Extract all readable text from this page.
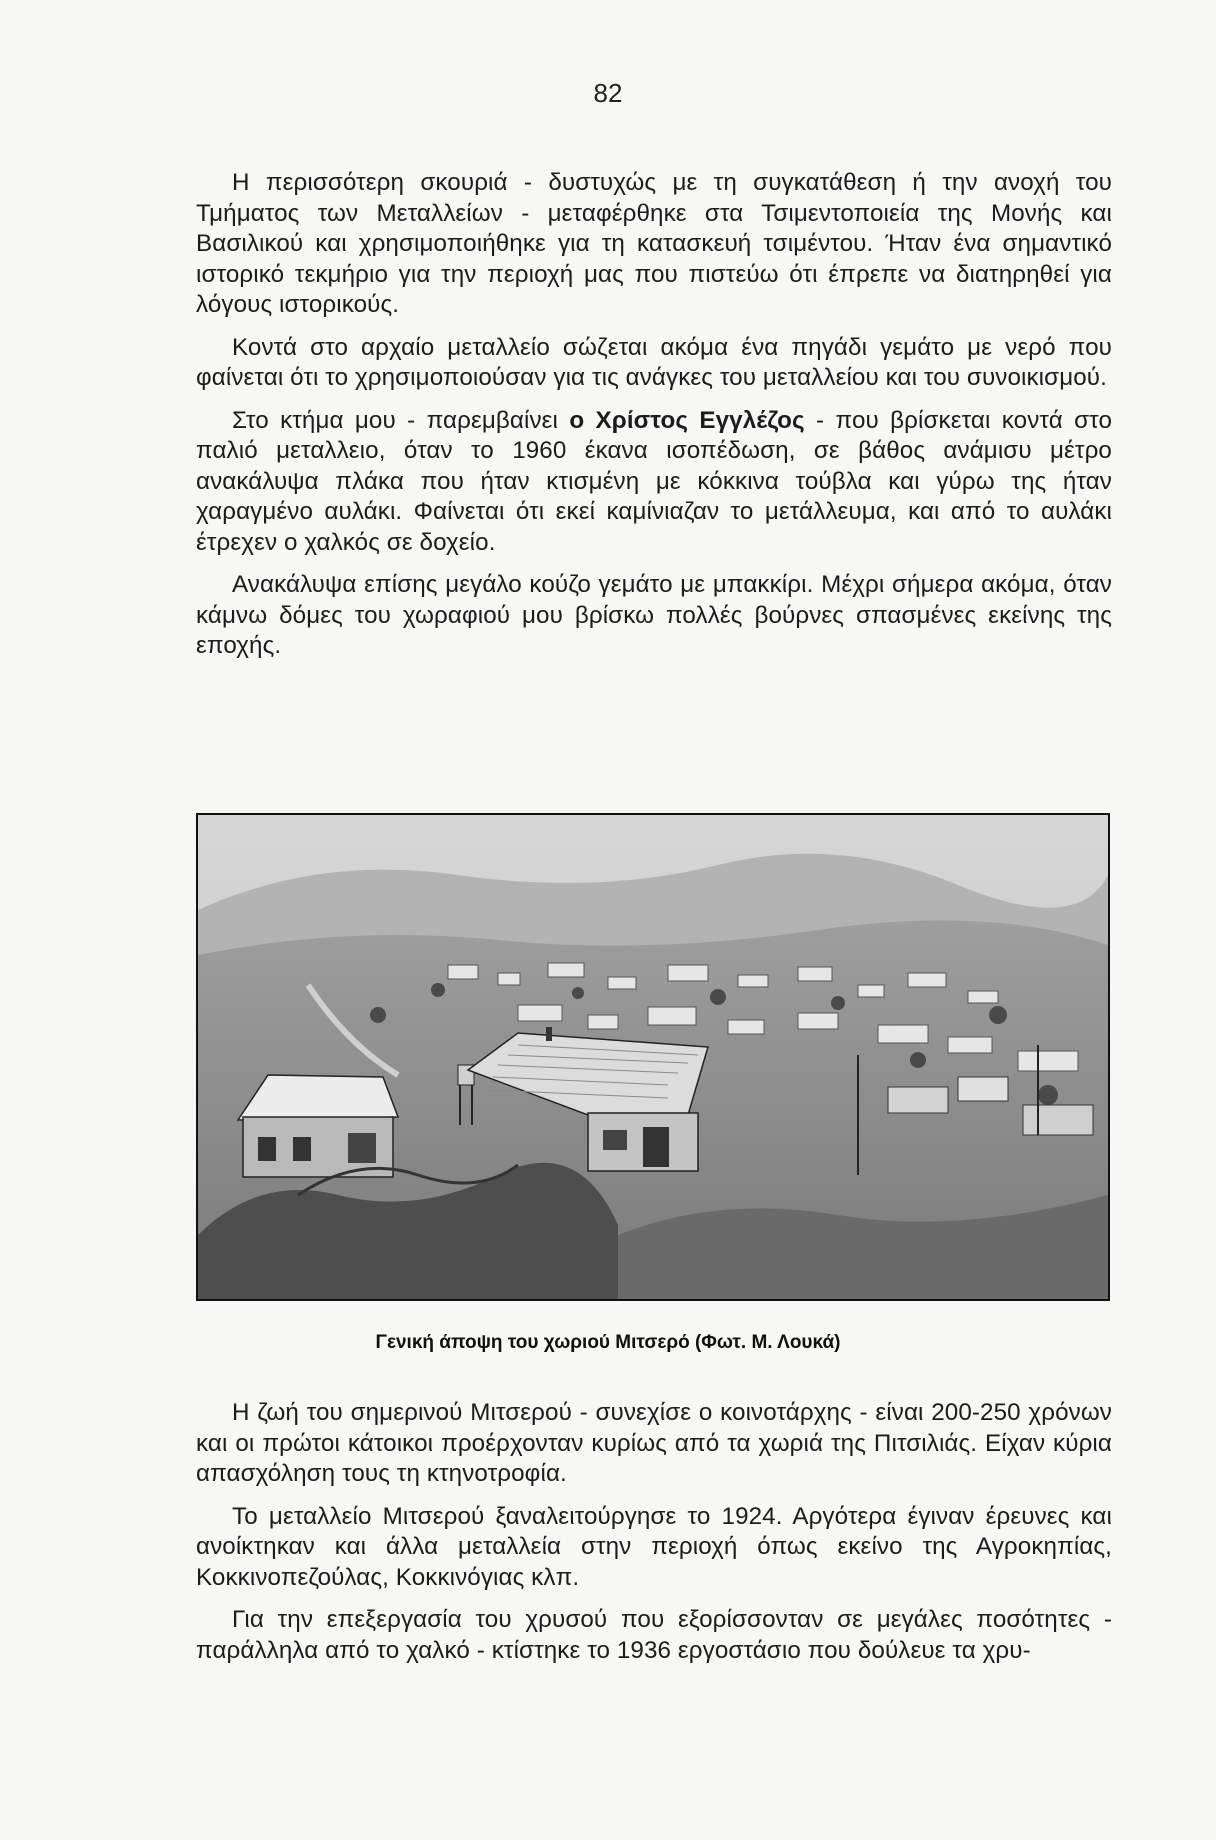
82

Η περισσότερη σκουριά - δυστυχώς με τη συγκατάθεση ή την ανοχή του Τμήματος των Μεταλλείων - μεταφέρθηκε στα Τσιμεντοποιεία της Μονής και Βασιλικού και χρησιμοποιήθηκε για τη κατασκευή τσιμέντου. Ήταν ένα σημαντικό ιστορικό τεκμήριο για την περιοχή μας που πιστεύω ότι έπρεπε να διατηρηθεί για λόγους ιστορικούς.

Κοντά στο αρχαίο μεταλλείο σώζεται ακόμα ένα πηγάδι γεμάτο με νερό που φαίνεται ότι το χρησιμοποιούσαν για τις ανάγκες του μεταλλείου και του συνοικισμού.

Στο κτήμα μου - παρεμβαίνει ο Χρίστος Εγγλέζος - που βρίσκεται κοντά στο παλιό μεταλλειο, όταν το 1960 έκανα ισοπέδωση, σε βάθος ανάμισυ μέτρο ανακάλυψα πλάκα που ήταν κτισμένη με κόκκινα τούβλα και γύρω της ήταν χαραγμένο αυλάκι. Φαίνεται ότι εκεί καμίνιαζαν το μετάλλευμα, και από το αυλάκι έτρεχεν ο χαλκός σε δοχείο.

Ανακάλυψα επίσης μεγάλο κούζο γεμάτο με μπακκίρι. Μέχρι σήμερα ακόμα, όταν κάμνω δόμες του χωραφιού μου βρίσκω πολλές βούρνες σπασμένες εκείνης της εποχής.

Γενική άποψη του χωριού Μιτσερό (Φωτ. Μ. Λουκά)

Η ζωή του σημερινού Μιτσερού - συνεχίσε ο κοινοτάρχης - είναι 200-250 χρόνων και οι πρώτοι κάτοικοι προέρχονταν κυρίως από τα χωριά της Πιτσιλιάς. Είχαν κύρια απασχόληση τους τη κτηνοτροφία.

Το μεταλλείο Μιτσερού ξαναλειτούργησε το 1924. Αργότερα έγιναν έρευνες και ανοίκτηκαν και άλλα μεταλλεία στην περιοχή όπως εκείνο της Αγροκηπίας, Κοκκινοπεζούλας, Κοκκινόγιας κλπ.

Για την επεξεργασία του χρυσού που εξορίσσονταν σε μεγάλες ποσότητες - παράλληλα από το χαλκό - κτίστηκε το 1936 εργοστάσιο που δούλευε τα χρυ-
